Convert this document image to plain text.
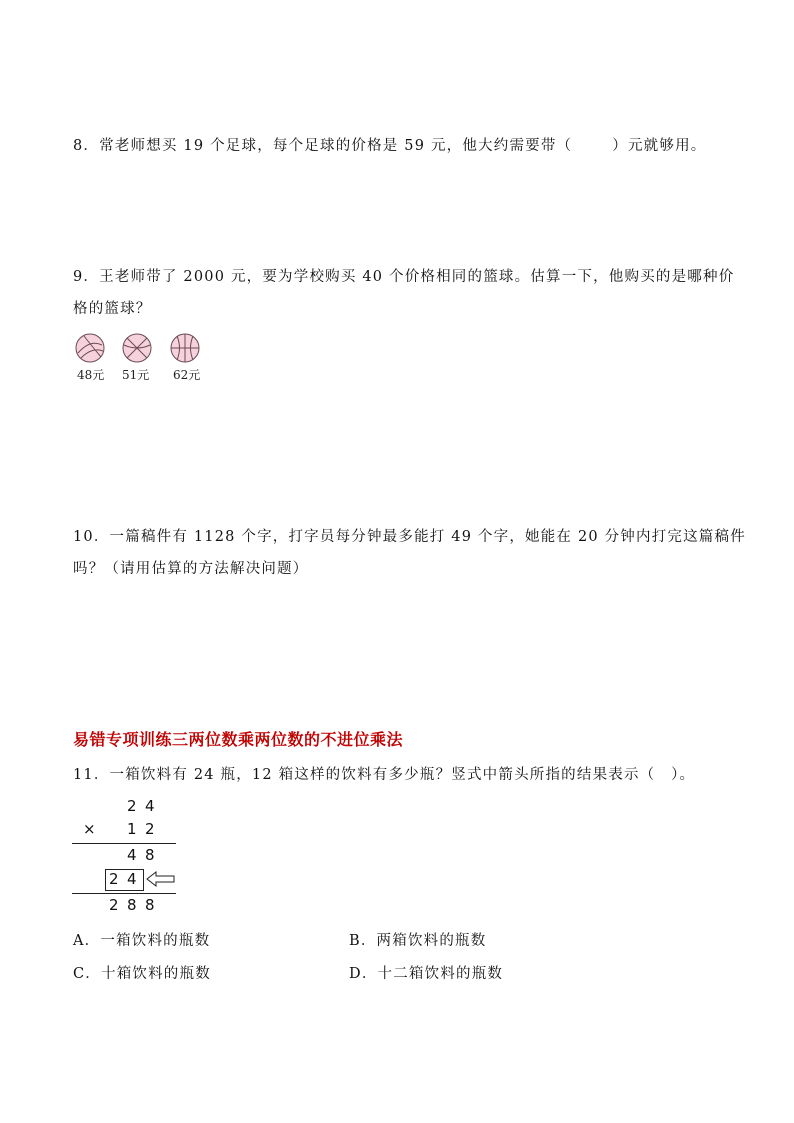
8．常老师想买 19 个足球，每个足球的价格是 59 元，他大约需要带（	）元就够用。

9．王老师带了 2000 元，要为学校购买 40 个价格相同的篮球。估算一下，他购买的是哪种价

格的篮球？

48元 51元 62元

10．一篇稿件有 1128 个字，打字员每分钟最多能打 49 个字，她能在 20 分钟内打完这篇稿件

吗？（请用估算的方法解决问题）

易错专项训练三两位数乘两位数的不进位乘法

11．一箱饮料有 24 瓶，12 箱这样的饮料有多少瓶？竖式中箭头所指的结果表示（　）。

2 4
× 1 2
4 8
2 4
2 8 8

A．一箱饮料的瓶数	B．两箱饮料的瓶数

C．十箱饮料的瓶数	D．十二箱饮料的瓶数
